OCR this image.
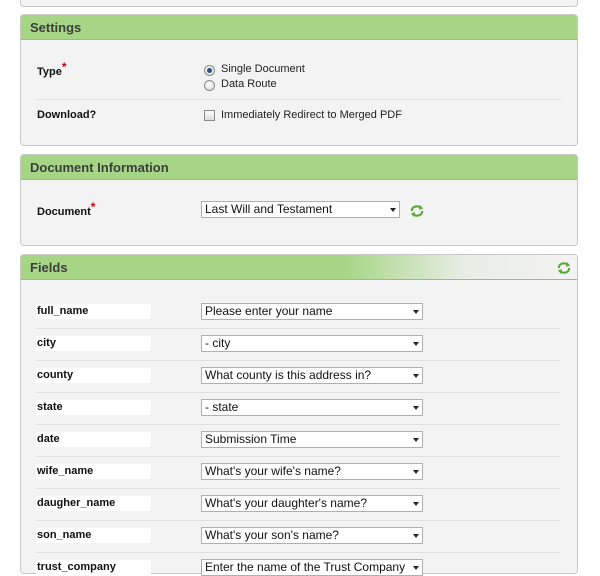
Settings
Type*	Single Document
Data Route
Download?	Immediately Redirect to Merged PDF
Document Information
Document*	Last Will and Testament
Fields
full_name	Please enter your name
city	- city
county	What county is this address in?
state	- state
date	Submission Time
wife_name	What's your wife's name?
daugher_name	What's your daughter's name?
son_name	What's your son's name?
trust_company	Enter the name of the Trust Company
